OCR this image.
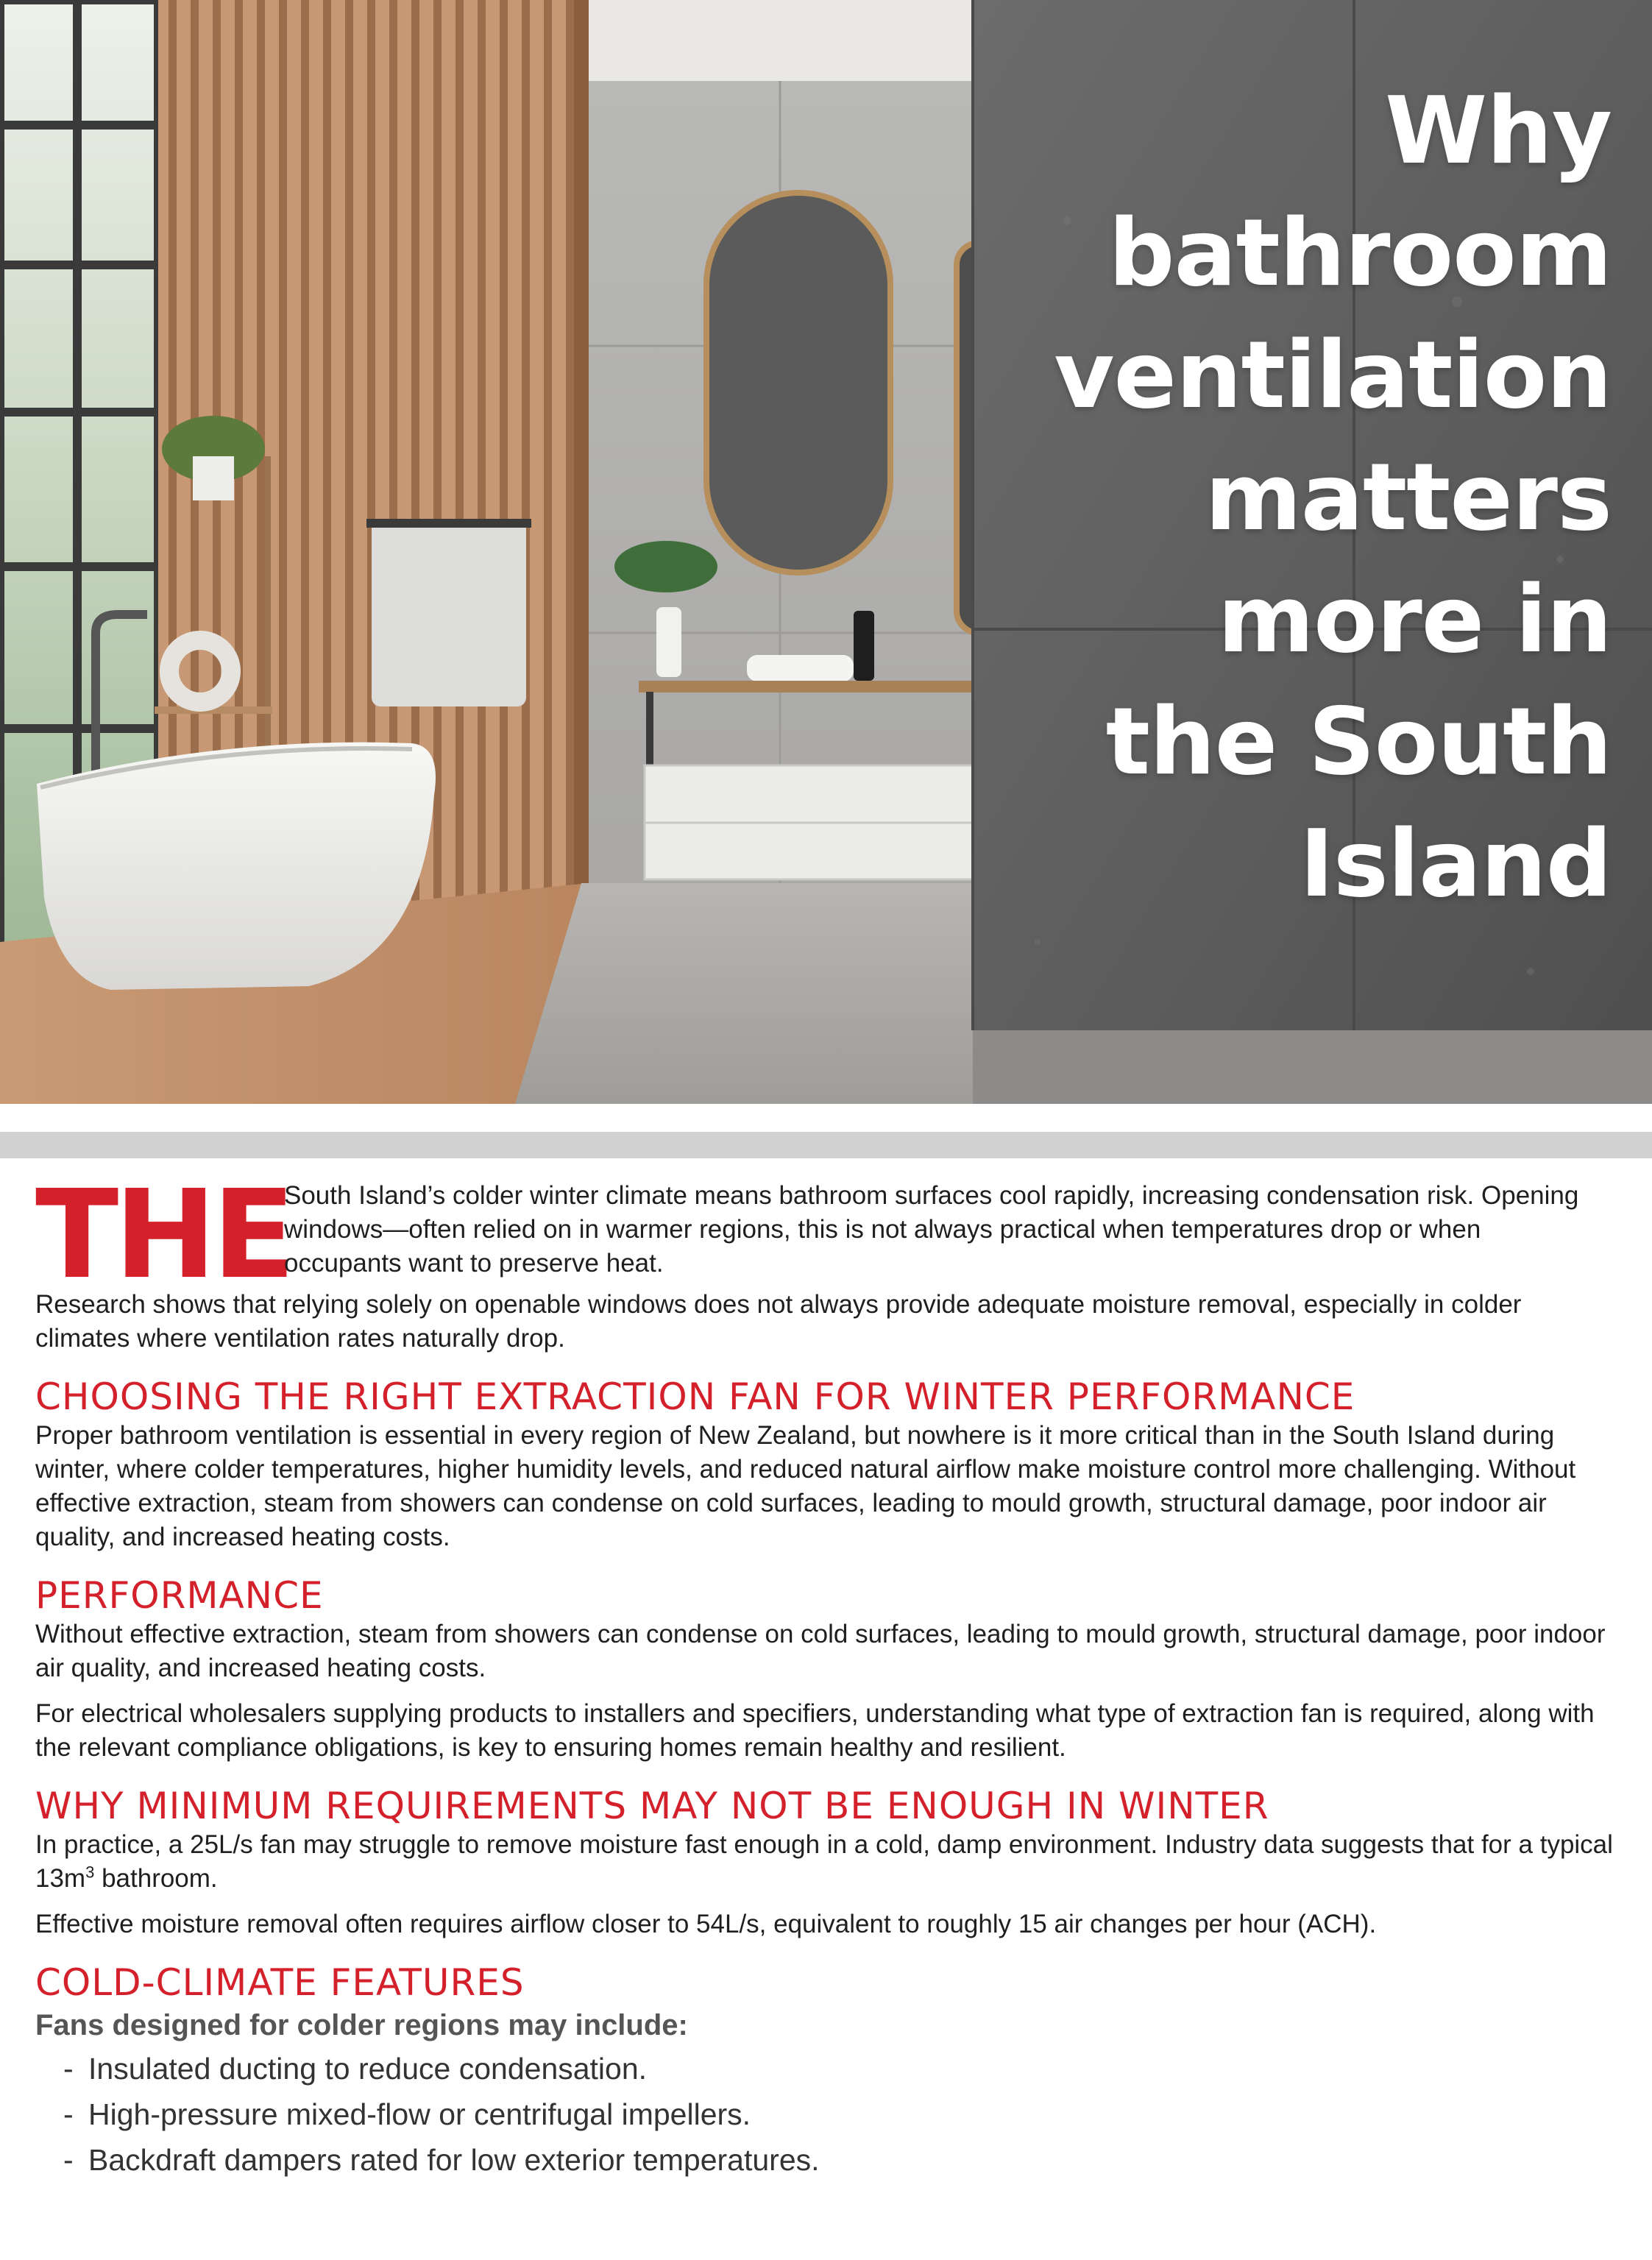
Why
bathroom
ventilation
matters
more in
the South
Island
THE
South Island’s colder winter climate means bathroom surfaces cool rapidly, increasing condensation risk. Opening windows—often relied on in warmer regions, this is not always practical when temperatures drop or when occupants want to preserve heat.

Research shows that relying solely on openable windows does not always provide adequate moisture removal, especially in colder climates where ventilation rates naturally drop.

CHOOSING THE RIGHT EXTRACTION FAN FOR WINTER PERFORMANCE

Proper bathroom ventilation is essential in every region of New Zealand, but nowhere is it more critical than in the South Island during winter, where colder temperatures, higher humidity levels, and reduced natural airflow make moisture control more challenging. Without effective extraction, steam from showers can condense on cold surfaces, leading to mould growth, structural damage, poor indoor air quality, and increased heating costs.

PERFORMANCE

Without effective extraction, steam from showers can condense on cold surfaces, leading to mould growth, structural damage, poor indoor air quality, and increased heating costs.

For electrical wholesalers supplying products to installers and specifiers, understanding what type of extraction fan is required, along with the relevant compliance obligations, is key to ensuring homes remain healthy and resilient.

WHY MINIMUM REQUIREMENTS MAY NOT BE ENOUGH IN WINTER

In practice, a 25L/s fan may struggle to remove moisture fast enough in a cold, damp environment. Industry data suggests that for a typical $13m^3$ bathroom.

Effective moisture removal often requires airflow closer to 54L/s, equivalent to roughly 15 air changes per hour (ACH).

COLD-CLIMATE FEATURES

Fans designed for colder regions may include:

- Insulated ducting to reduce condensation.
- High-pressure mixed-flow or centrifugal impellers.
- Backdraft dampers rated for low exterior temperatures.
